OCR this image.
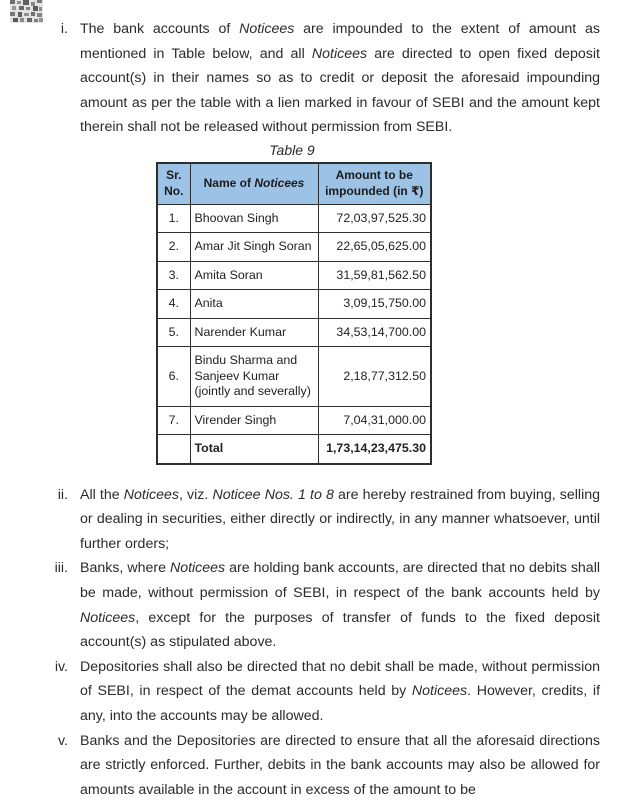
i. The bank accounts of Noticees are impounded to the extent of amount as mentioned in Table below, and all Noticees are directed to open fixed deposit account(s) in their names so as to credit or deposit the aforesaid impounding amount as per the table with a lien marked in favour of SEBI and the amount kept therein shall not be released without permission from SEBI.
Table 9
Sr. No.	Name of Noticees	Amount to be impounded (in ₹)
1.	Bhoovan Singh	72,03,97,525.30
2.	Amar Jit Singh Soran	22,65,05,625.00
3.	Amita Soran	31,59,81,562.50
4.	Anita	3,09,15,750.00
5.	Narender Kumar	34,53,14,700.00
6.	Bindu Sharma and Sanjeev Kumar (jointly and severally)	2,18,77,312.50
7.	Virender Singh	7,04,31,000.00
	Total	1,73,14,23,475.30
ii. All the Noticees, viz. Noticee Nos. 1 to 8 are hereby restrained from buying, selling or dealing in securities, either directly or indirectly, in any manner whatsoever, until further orders;
iii. Banks, where Noticees are holding bank accounts, are directed that no debits shall be made, without permission of SEBI, in respect of the bank accounts held by Noticees, except for the purposes of transfer of funds to the fixed deposit account(s) as stipulated above.
iv. Depositories shall also be directed that no debit shall be made, without permission of SEBI, in respect of the demat accounts held by Noticees. However, credits, if any, into the accounts may be allowed.
v. Banks and the Depositories are directed to ensure that all the aforesaid directions are strictly enforced. Further, debits in the bank accounts may also be allowed for amounts available in the account in excess of the amount to be
